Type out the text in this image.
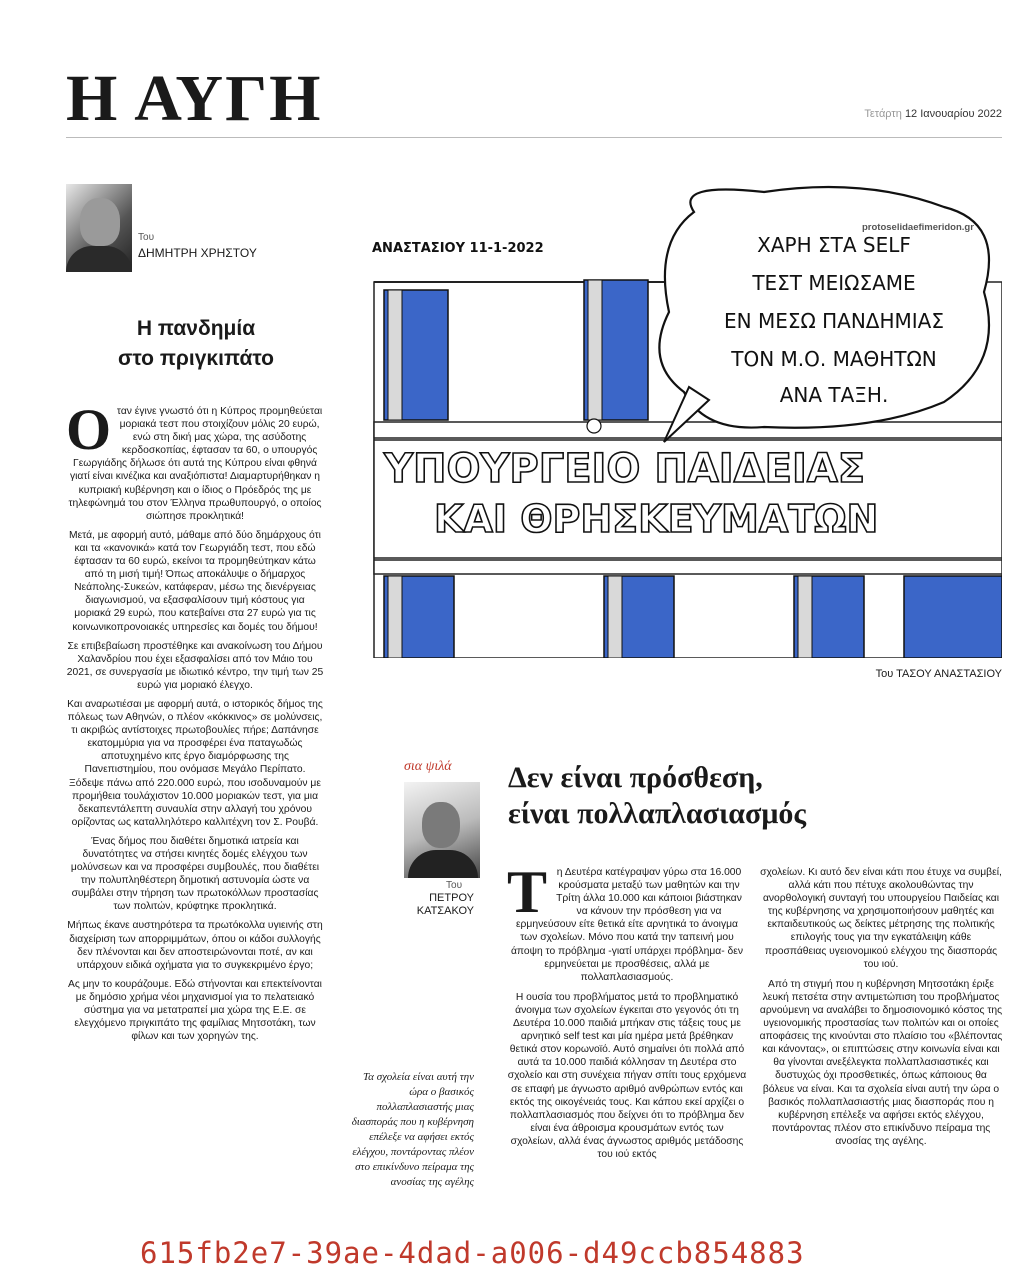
Η ΑΥΓΗ	Τετάρτη 12 Ιανουαρίου 2022
Του
ΔΗΜΗΤΡΗ ΧΡΗΣΤΟΥ
Η πανδημία
στο πριγκιπάτο

Οταν έγινε γνωστό ότι η Κύπρος προμηθεύεται μοριακά τεστ που στοιχίζουν μόλις 20 ευρώ, ενώ στη δική μας χώρα, της ασύδοτης κερδοσκοπίας, έφτασαν τα 60, ο υπουργός Γεωργιάδης δήλωσε ότι αυτά της Κύπρου είναι φθηνά γιατί είναι κινέζικα και αναξιόπιστα! Διαμαρτυρήθηκαν η κυπριακή κυβέρνηση και ο ίδιος ο Πρόεδρός της με τηλεφώνημά του στον Έλληνα πρωθυπουργό, ο οποίος σιώπησε προκλητικά!

Μετά, με αφορμή αυτό, μάθαμε από δύο δημάρχους ότι και τα «κανονικά» κατά τον Γεωργιάδη τεστ, που εδώ έφτασαν τα 60 ευρώ, εκείνοι τα προμηθεύτηκαν κάτω από τη μισή τιμή! Όπως αποκάλυψε ο δήμαρχος Νεάπολης-Συκεών, κατάφεραν, μέσω της διενέργειας διαγωνισμού, να εξασφαλίσουν τιμή κόστους για μοριακά 29 ευρώ, που κατεβαίνει στα 27 ευρώ για τις κοινωνικοπρονοιακές υπηρεσίες και δομές του δήμου!

Σε επιβεβαίωση προστέθηκε και ανακοίνωση του Δήμου Χαλανδρίου που έχει εξασφαλίσει από τον Μάιο του 2021, σε συνεργασία με ιδιωτικό κέντρο, την τιμή των 25 ευρώ για μοριακό έλεγχο.

Και αναρωτιέσαι με αφορμή αυτά, ο ιστορικός δήμος της πόλεως των Αθηνών, ο πλέον «κόκκινος» σε μολύνσεις, τι ακριβώς αντίστοιχες πρωτοβουλίες πήρε; Δαπάνησε εκατομμύρια για να προσφέρει ένα παταγωδώς αποτυχημένο κιτς έργο διαμόρφωσης της Πανεπιστημίου, που ονόμασε Μεγάλο Περίπατο. Ξόδεψε πάνω από 220.000 ευρώ, που ισοδυναμούν με προμήθεια τουλάχιστον 10.000 μοριακών τεστ, για μια δεκαπεντάλεπτη συναυλία στην αλλαγή του χρόνου ορίζοντας ως καταλληλότερο καλλιτέχνη τον Σ. Ρουβά.

Ένας δήμος που διαθέτει δημοτικά ιατρεία και δυνατότητες να στήσει κινητές δομές ελέγχου των μολύνσεων και να προσφέρει συμβουλές, που διαθέτει την πολυπληθέστερη δημοτική αστυνομία ώστε να συμβάλει στην τήρηση των πρωτοκόλλων προστασίας των πολιτών, κρύφτηκε προκλητικά.

Μήπως έκανε αυστηρότερα τα πρωτόκολλα υγιεινής στη διαχείριση των απορριμμάτων, όπου οι κάδοι συλλογής δεν πλένονται και δεν αποστειρώνονται ποτέ, αν και υπάρχουν ειδικά οχήματα για το συγκεκριμένο έργο;

Ας μην το κουράζουμε. Εδώ στήνονται και επεκτείνονται με δημόσιο χρήμα νέοι μηχανισμοί για το πελατειακό σύστημα για να μετατραπεί μια χώρα της Ε.Ε. σε ελεγχόμενο πριγκιπάτο της φαμίλιας Μητσοτάκη, των φίλων και των χορηγών της.

ΥΠΟΥΡΓΕΙΟ ΠΑΙΔΕΙΑΣ
ΚΑΙ ΘΡΗΣΚΕΥΜΑΤΩΝ
ΧΑΡΗ ΣΤΑ SELF
ΤΕΣΤ ΜΕΙΩΣΑΜΕ
ΕΝ ΜΕΣΩ ΠΑΝΔΗΜΙΑΣ
ΤΟΝ Μ.Ο. ΜΑΘΗΤΩΝ
ΑΝΑ ΤΑΞΗ.
ΑΝΑΣΤΑΣΙΟΥ 11-1-2022
protoselidaefimeridon.gr
Του ΤΑΣΟΥ ΑΝΑΣΤΑΣΙΟΥ
σια ψιλά
Του
ΠΕΤΡΟΥ ΚΑΤΣΑΚΟΥ
Τα σχολεία είναι αυτή την ώρα ο βασικός πολλαπλασιαστής μιας διασποράς που η κυβέρνηση επέλεξε να αφήσει εκτός ελέγχου, ποντάροντας πλέον στο επικίνδυνο πείραμα της ανοσίας της αγέλης
Δεν είναι πρόσθεση,
είναι πολλαπλασιασμός

Τη Δευτέρα κατέγραψαν γύρω στα 16.000 κρούσματα μεταξύ των μαθητών και την Τρίτη άλλα 10.000 και κάποιοι βιάστηκαν να κάνουν την πρόσθεση για να ερμηνεύσουν είτε θετικά είτε αρνητικά το άνοιγμα των σχολείων. Μόνο που κατά την ταπεινή μου άποψη το πρόβλημα -γιατί υπάρχει πρόβλημα- δεν ερμηνεύεται με προσθέσεις, αλλά με πολλαπλασιασμούς.

Η ουσία του προβλήματος μετά το προβληματικό άνοιγμα των σχολείων έγκειται στο γεγονός ότι τη Δευτέρα 10.000 παιδιά μπήκαν στις τάξεις τους με αρνητικό self test και μία ημέρα μετά βρέθηκαν θετικά στον κορωνοϊό. Αυτό σημαίνει ότι πολλά από αυτά τα 10.000 παιδιά κόλλησαν τη Δευτέρα στο σχολείο και στη συνέχεια πήγαν σπίτι τους ερχόμενα σε επαφή με άγνωστο αριθμό ανθρώπων εντός και εκτός της οικογένειάς τους. Και κάπου εκεί αρχίζει ο πολλαπλασιασμός που δείχνει ότι το πρόβλημα δεν είναι ένα άθροισμα κρουσμάτων εντός των σχολείων, αλλά ένας άγνωστος αριθμός μετάδοσης του ιού εκτός

σχολείων. Κι αυτό δεν είναι κάτι που έτυχε να συμβεί, αλλά κάτι που πέτυχε ακολουθώντας την ανορθολογική συνταγή του υπουργείου Παιδείας και της κυβέρνησης να χρησιμοποιήσουν μαθητές και εκπαιδευτικούς ως δείκτες μέτρησης της πολιτικής επιλογής τους για την εγκατάλειψη κάθε προσπάθειας υγειονομικού ελέγχου της διασποράς του ιού.

Από τη στιγμή που η κυβέρνηση Μητσοτάκη έριξε λευκή πετσέτα στην αντιμετώπιση του προβλήματος αρνούμενη να αναλάβει το δημοσιονομικό κόστος της υγειονομικής προστασίας των πολιτών και οι οποίες αποφάσεις της κινούνται στο πλαίσιο του «βλέποντας και κάνοντας», οι επιπτώσεις στην κοινωνία είναι και θα γίνονται ανεξέλεγκτα πολλαπλασιαστικές και δυστυχώς όχι προσθετικές, όπως κάποιους θα βόλευε να είναι. Και τα σχολεία είναι αυτή την ώρα ο βασικός πολλαπλασιαστής μιας διασποράς που η κυβέρνηση επέλεξε να αφήσει εκτός ελέγχου, ποντάροντας πλέον στο επικίνδυνο πείραμα της ανοσίας της αγέλης.

615fb2e7-39ae-4dad-a006-d49ccb854883
